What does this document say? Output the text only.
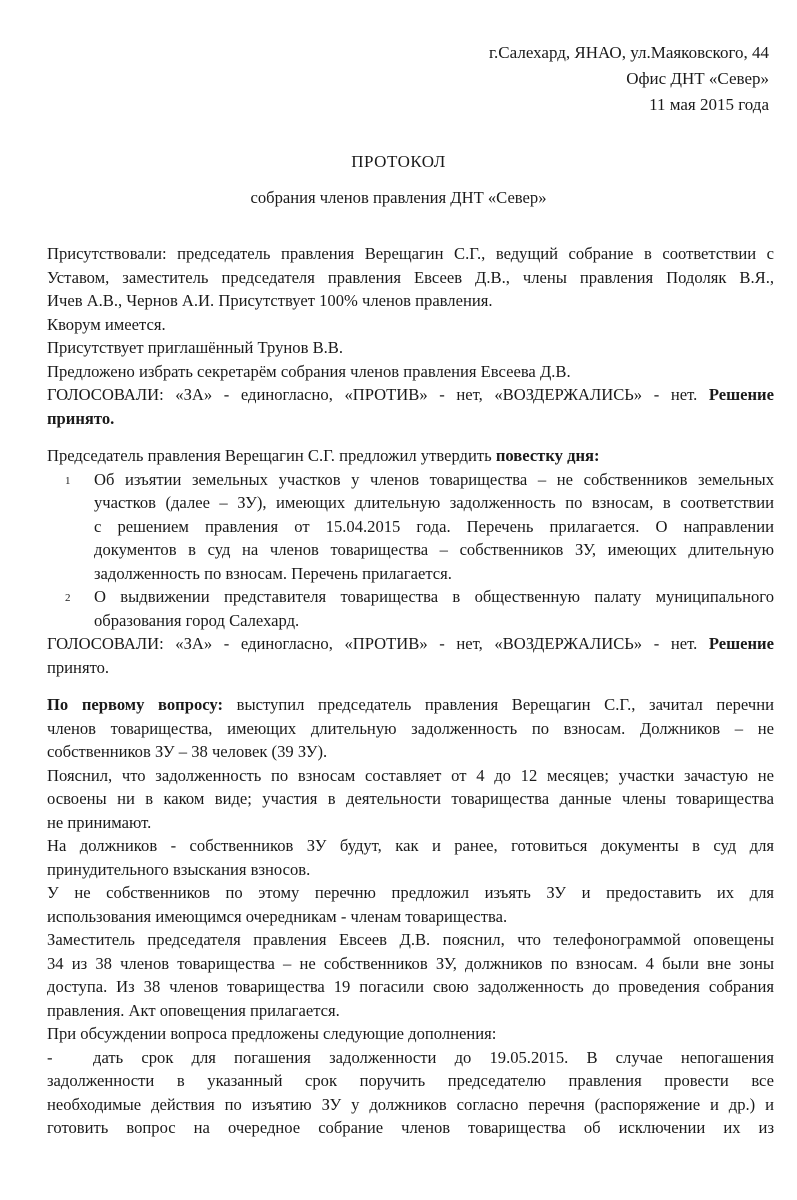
г.Салехард, ЯНАО, ул.Маяковского, 44
Офис ДНТ «Север»
11 мая 2015 года
ПРОТОКОЛ
собрания членов правления ДНТ «Север»

Присутствовали: председатель правления Верещагин С.Г., ведущий собрание в соответствии с

Уставом, заместитель председателя правления Евсеев Д.В., члены правления Подоляк В.Я.,

Ичев А.В., Чернов А.И. Присутствует 100% членов правления.

Кворум имеется.

Присутствует приглашённый Трунов В.В.

Предложено избрать секретарём собрания членов правления Евсеева Д.В.

ГОЛОСОВАЛИ: «ЗА» - единогласно, «ПРОТИВ» - нет, «ВОЗДЕРЖАЛИСЬ» - нет. Решение

принято.

Председатель правления Верещагин С.Г. предложил утвердить повестку дня:

1	Об изъятии земельных участков у членов товарищества – не собственников земельных

участков (далее – ЗУ), имеющих длительную задолженность по взносам, в соответствии

с решением правления от 15.04.2015 года. Перечень прилагается. О направлении

документов в суд на членов товарищества – собственников ЗУ, имеющих длительную

задолженность по взносам. Перечень прилагается.

2	О выдвижении представителя товарищества в общественную палату муниципального

образования город Салехард.

ГОЛОСОВАЛИ: «ЗА» - единогласно, «ПРОТИВ» - нет, «ВОЗДЕРЖАЛИСЬ» - нет. Решение

принято.

По первому вопросу: выступил председатель правления Верещагин С.Г., зачитал перечни

членов товарищества, имеющих длительную задолженность по взносам. Должников – не

собственников ЗУ – 38 человек (39 ЗУ).

Пояснил, что задолженность по взносам составляет от 4 до 12 месяцев; участки зачастую не

освоены ни в каком виде; участия в деятельности товарищества данные члены товарищества

не принимают.

На должников - собственников ЗУ будут, как и ранее, готовиться документы в суд для

принудительного взыскания взносов.

У не собственников по этому перечню предложил изъять ЗУ и предоставить их для

использования имеющимся очередникам - членам товарищества.

Заместитель председателя правления Евсеев Д.В. пояснил, что телефонограммой оповещены

34 из 38 членов товарищества – не собственников ЗУ, должников по взносам. 4 были вне зоны

доступа. Из 38 членов товарищества 19 погасили свою задолженность до проведения собрания

правления. Акт оповещения прилагается.

При обсуждении вопроса предложены следующие дополнения:

- дать срок для погашения задолженности до 19.05.2015. В случае непогашения

задолженности в указанный срок поручить председателю правления провести все

необходимые действия по изъятию ЗУ у должников согласно перечня (распоряжение и др.) и

готовить вопрос на очередное собрание членов товарищества об исключении их из
